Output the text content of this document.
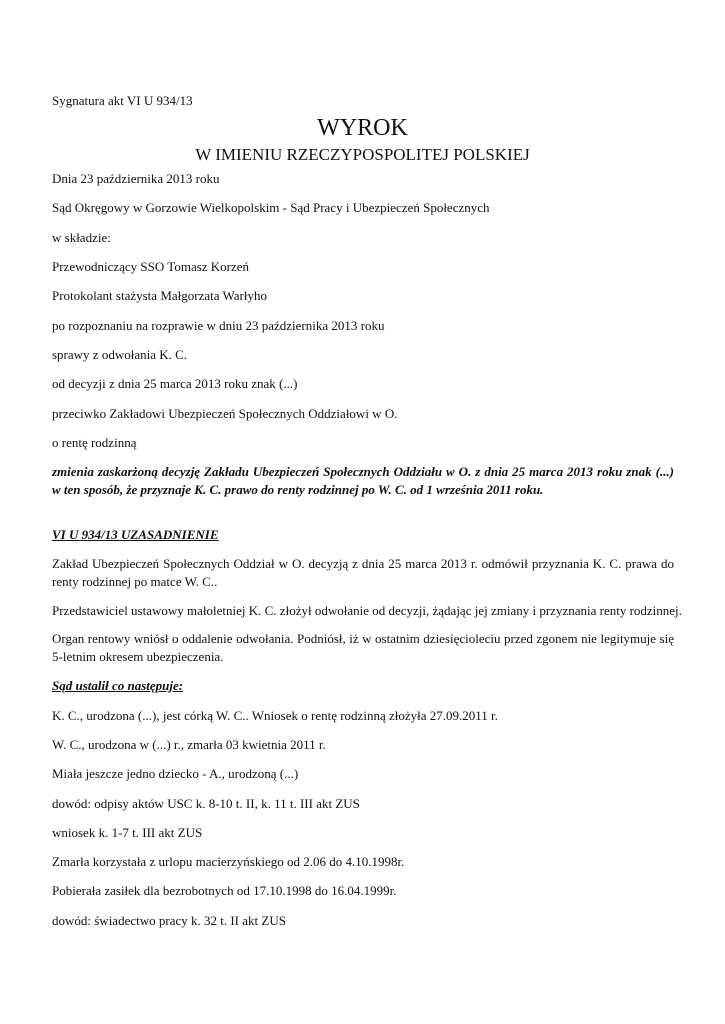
Sygnatura akt VI U 934/13
WYROK
W IMIENIU RZECZYPOSPOLITEJ POLSKIEJ
Dnia 23 października 2013 roku
Sąd Okręgowy w Gorzowie Wielkopolskim - Sąd Pracy i Ubezpieczeń Społecznych
w składzie:
Przewodniczący SSO Tomasz Korzeń
Protokolant stażysta Małgorzata Warłyho
po rozpoznaniu na rozprawie w dniu 23 października 2013 roku
sprawy z odwołania K. C.
od decyzji z dnia 25 marca 2013 roku znak (...)
przeciwko Zakładowi Ubezpieczeń Społecznych Oddziałowi w O.
o rentę rodzinną
zmienia zaskarżoną decyzję Zakładu Ubezpieczeń Społecznych Oddziału w O. z dnia 25 marca 2013 roku znak (...) w ten sposób, że przyznaje K. C. prawo do renty rodzinnej po W. C. od 1 września 2011 roku.
VI U 934/13 UZASADNIENIE
Zakład Ubezpieczeń Społecznych Oddział w O. decyzją z dnia 25 marca 2013 r. odmówił przyznania K. C. prawa do renty rodzinnej po matce W. C..
Przedstawiciel ustawowy małoletniej K. C. złożył odwołanie od decyzji, żądając jej zmiany i przyznania renty rodzinnej.
Organ rentowy wniósł o oddalenie odwołania. Podniósł, iż w ostatnim dziesięcioleciu przed zgonem nie legitymuje się 5-letnim okresem ubezpieczenia.
Sąd ustalił co następuje:
K. C., urodzona (...), jest córką W. C.. Wniosek o rentę rodzinną złożyła 27.09.2011 r.
W. C., urodzona w (...) r., zmarła 03 kwietnia 2011 r.
Miała jeszcze jedno dziecko - A., urodzoną (...)
dowód: odpisy aktów USC k. 8-10 t. II, k. 11 t. III akt ZUS
wniosek k. 1-7 t. III akt ZUS
Zmarła korzystała z urlopu macierzyńskiego od 2.06 do 4.10.1998r.
Pobierała zasiłek dla bezrobotnych od 17.10.1998 do 16.04.1999r.
dowód: świadectwo pracy k. 32 t. II akt ZUS
